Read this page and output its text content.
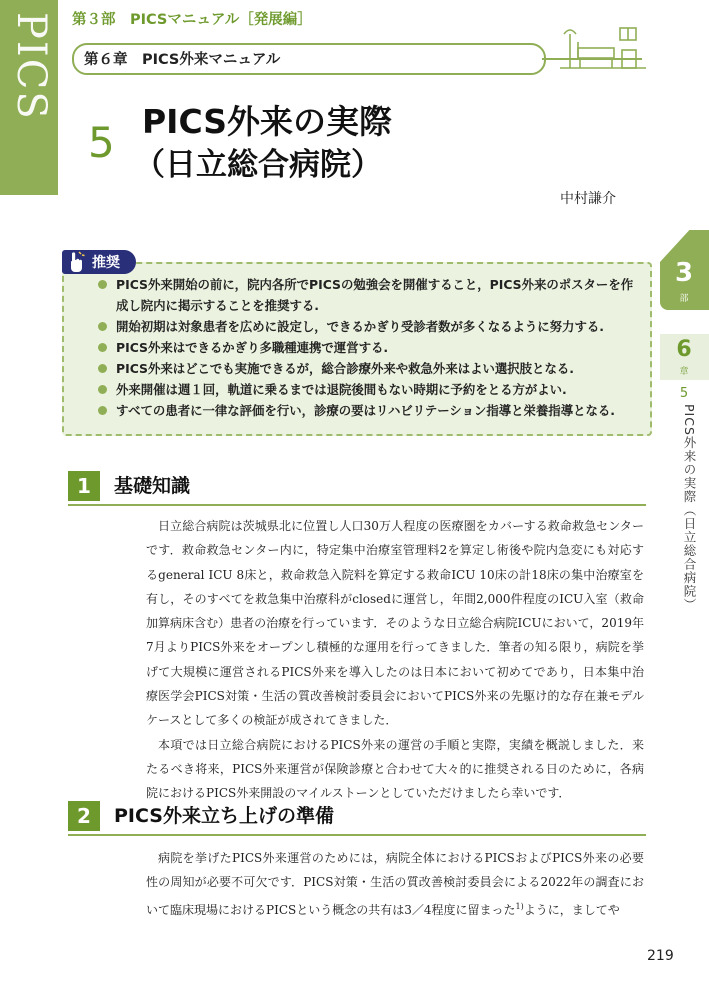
PICS 第３部　PICSマニュアル［発展編］
第６章　PICS外来マニュアル
5 PICS外来の実際
（日立総合病院）
中村謙介
推奨
PICS外来開始の前に，院内各所でPICSの勉強会を開催すること，PICS外来のポスターを作成し院内に掲示することを推奨する.
開始初期は対象患者を広めに設定し，できるかぎり受診者数が多くなるように努力する.
PICS外来はできるかぎり多職種連携で運営する.
PICS外来はどこでも実施できるが，総合診療外来や救急外来はよい選択肢となる.
外来開催は週１回，軌道に乗るまでは退院後間もない時期に予約をとる方がよい.
すべての患者に一律な評価を行い，診療の要はリハビリテーション指導と栄養指導となる.
1	基礎知識

日立総合病院は茨城県北に位置し人口30万人程度の医療圏をカバーする救命救急センターです．救命救急センター内に，特定集中治療室管理料2を算定し術後や院内急変にも対応するgeneral ICU 8床と，救命救急入院料を算定する救命ICU 10床の計18床の集中治療室を有し，そのすべてを救急集中治療科がclosedに運営し，年間2,000件程度のICU入室（救命加算病床含む）患者の治療を行っています．そのような日立総合病院ICUにおいて，2019年7月よりPICS外来をオープンし積極的な運用を行ってきました．筆者の知る限り，病院を挙げて大規模に運営されるPICS外来を導入したのは日本において初めてであり，日本集中治療医学会PICS対策・生活の質改善検討委員会においてPICS外来の先駆け的な存在兼モデルケースとして多くの検証が成されてきました．

本項では日立総合病院におけるPICS外来の運営の手順と実際，実績を概説しました．来たるべき将来，PICS外来運営が保険診療と合わせて大々的に推奨される日のために，各病院におけるPICS外来開設のマイルストーンとしていただけましたら幸いです．

2	PICS外来立ち上げの準備

病院を挙げたPICS外来運営のためには，病院全体におけるPICSおよびPICS外来の必要性の周知が必要不可欠です．PICS対策・生活の質改善検討委員会による2022年の調査において臨床現場におけるPICSという概念の共有は3／4程度に留まった$^{1)}$ように，ましてや

3
部
6
章
5
PICS外来の実際（日立総合病院）
219
